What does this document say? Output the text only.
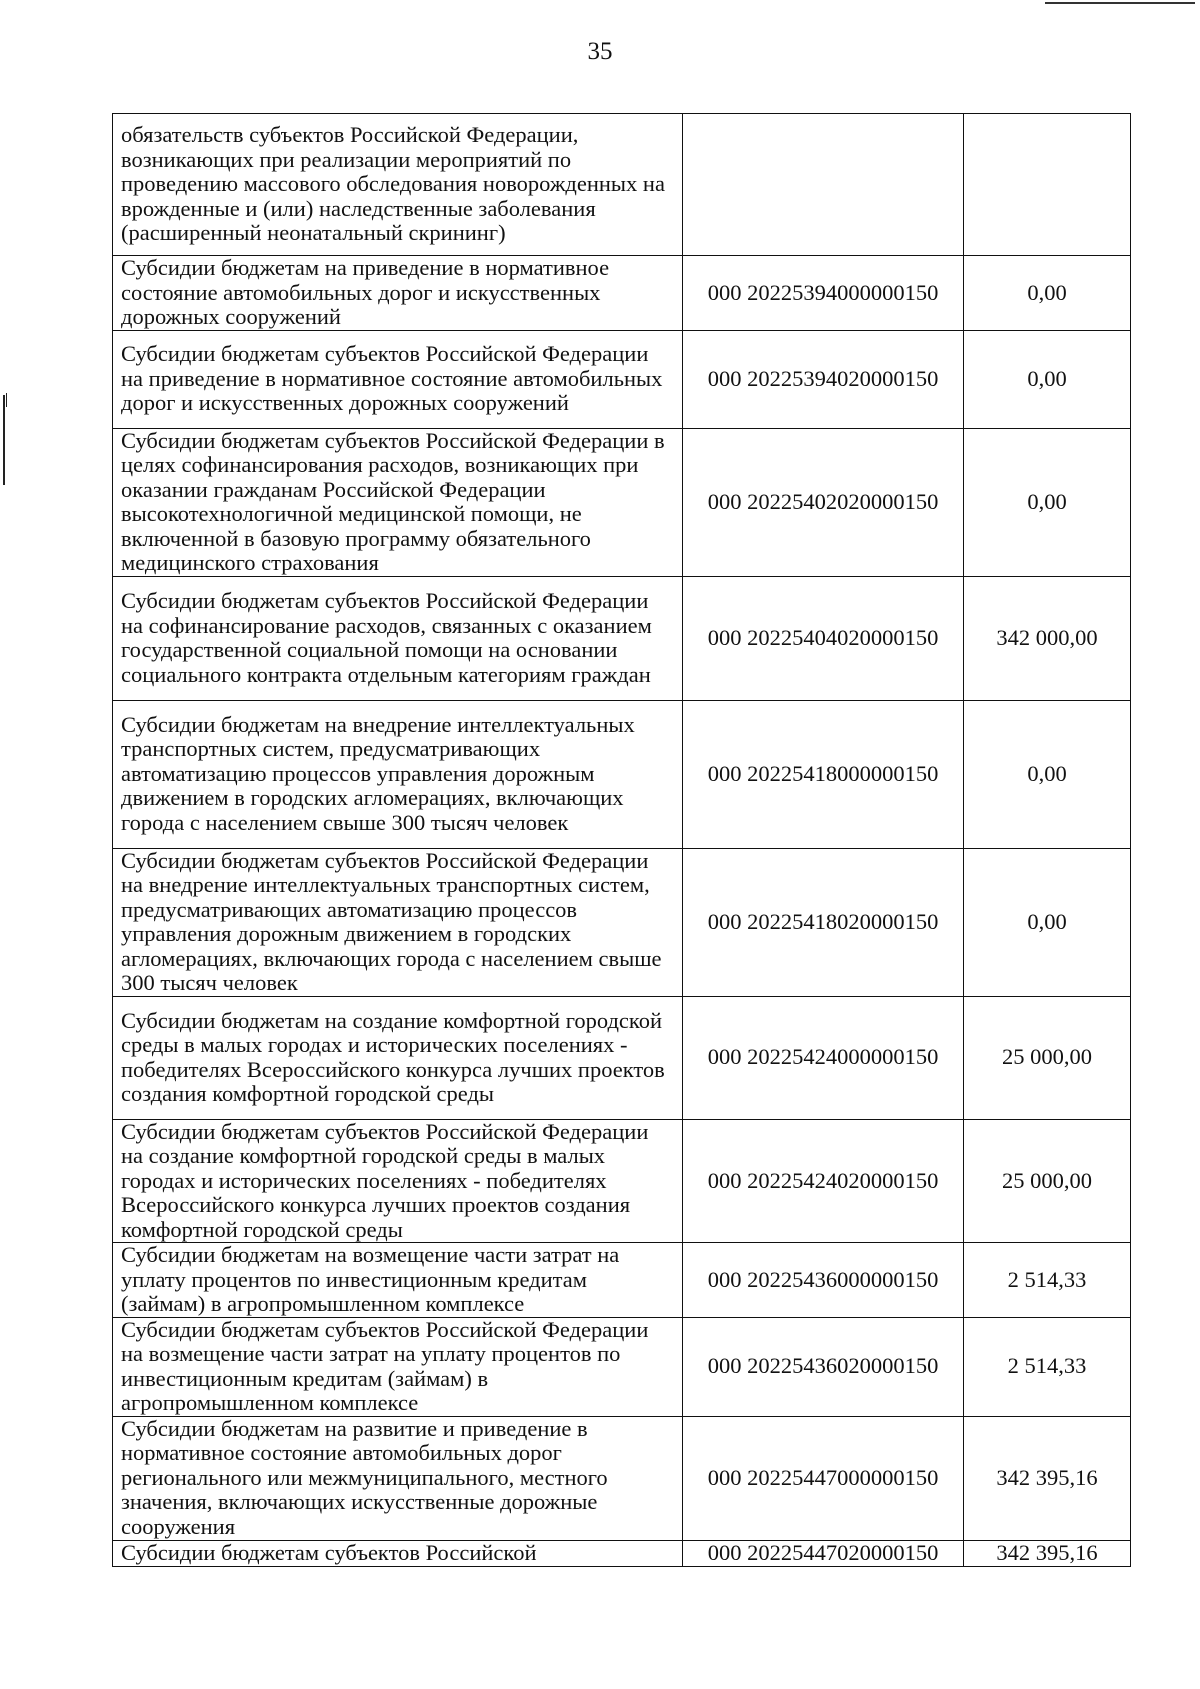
35
обязательств субъектов Российской Федерации, возникающих при реализации мероприятий по проведению массового обследования новорожденных на врожденные и (или) наследственные заболевания (расширенный неонатальный скрининг)		
Субсидии бюджетам на приведение в нормативное состояние автомобильных дорог и искусственных дорожных сооружений	000 20225394000000150	0,00
Субсидии бюджетам субъектов Российской Федерации на приведение в нормативное состояние автомобильных дорог и искусственных дорожных сооружений	000 20225394020000150	0,00
Субсидии бюджетам субъектов Российской Федерации в целях софинансирования расходов, возникающих при оказании гражданам Российской Федерации высокотехнологичной медицинской помощи, не включенной в базовую программу обязательного медицинского страхования	000 20225402020000150	0,00
Субсидии бюджетам субъектов Российской Федерации на софинансирование расходов, связанных с оказанием государственной социальной помощи на основании социального контракта отдельным категориям граждан	000 20225404020000150	342 000,00
Субсидии бюджетам на внедрение интеллектуальных транспортных систем, предусматривающих автоматизацию процессов управления дорожным движением в городских агломерациях, включающих города с населением свыше 300 тысяч человек	000 20225418000000150	0,00
Субсидии бюджетам субъектов Российской Федерации на внедрение интеллектуальных транспортных систем, предусматривающих автоматизацию процессов управления дорожным движением в городских агломерациях, включающих города с населением свыше 300 тысяч человек	000 20225418020000150	0,00
Субсидии бюджетам на создание комфортной городской среды в малых городах и исторических поселениях - победителях Всероссийского конкурса лучших проектов создания комфортной городской среды	000 20225424000000150	25 000,00
Субсидии бюджетам субъектов Российской Федерации на создание комфортной городской среды в малых городах и исторических поселениях - победителях Всероссийского конкурса лучших проектов создания комфортной городской среды	000 20225424020000150	25 000,00
Субсидии бюджетам на возмещение части затрат на уплату процентов по инвестиционным кредитам (займам) в агропромышленном комплексе	000 20225436000000150	2 514,33
Субсидии бюджетам субъектов Российской Федерации на возмещение части затрат на уплату процентов по инвестиционным кредитам (займам) в агропромышленном комплексе	000 20225436020000150	2 514,33
Субсидии бюджетам на развитие и приведение в нормативное состояние автомобильных дорог регионального или межмуниципального, местного значения, включающих искусственные дорожные сооружения	000 20225447000000150	342 395,16
Субсидии бюджетам субъектов Российской	000 20225447020000150	342 395,16
